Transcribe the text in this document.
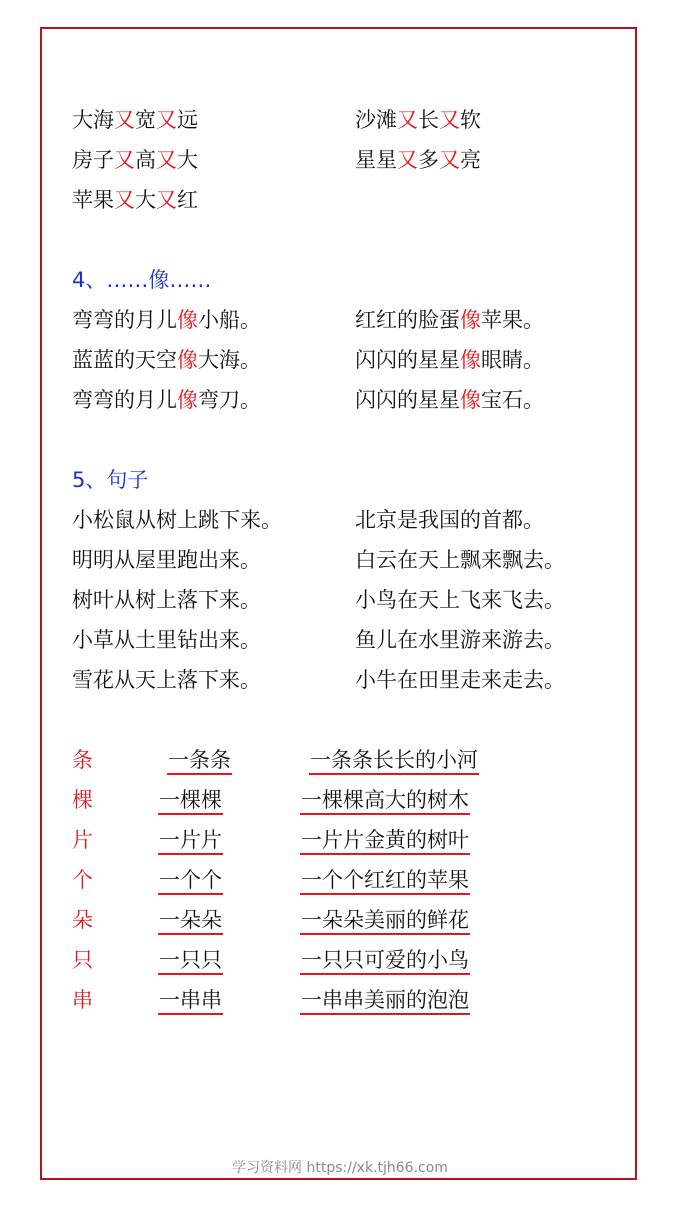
大海又宽又远	沙滩又长又软
房子又高又大	星星又多又亮
苹果又大又红
4、……像……
弯弯的月儿像小船。	红红的脸蛋像苹果。
蓝蓝的天空像大海。	闪闪的星星像眼睛。
弯弯的月儿像弯刀。	闪闪的星星像宝石。
5、句子
小松鼠从树上跳下来。	北京是我国的首都。
明明从屋里跑出来。	白云在天上飘来飘去。
树叶从树上落下来。	小鸟在天上飞来飞去。
小草从土里钻出来。	鱼儿在水里游来游去。
雪花从天上落下来。	小牛在田里走来走去。
条	一条条	一条条长长的小河
棵	一棵棵	一棵棵高大的树木
片	一片片	一片片金黄的树叶
个	一个个	一个个红红的苹果
朵	一朵朵	一朵朵美丽的鲜花
只	一只只	一只只可爱的小鸟
串	一串串	一串串美丽的泡泡
学习资料网 https://xk.tjh66.com
